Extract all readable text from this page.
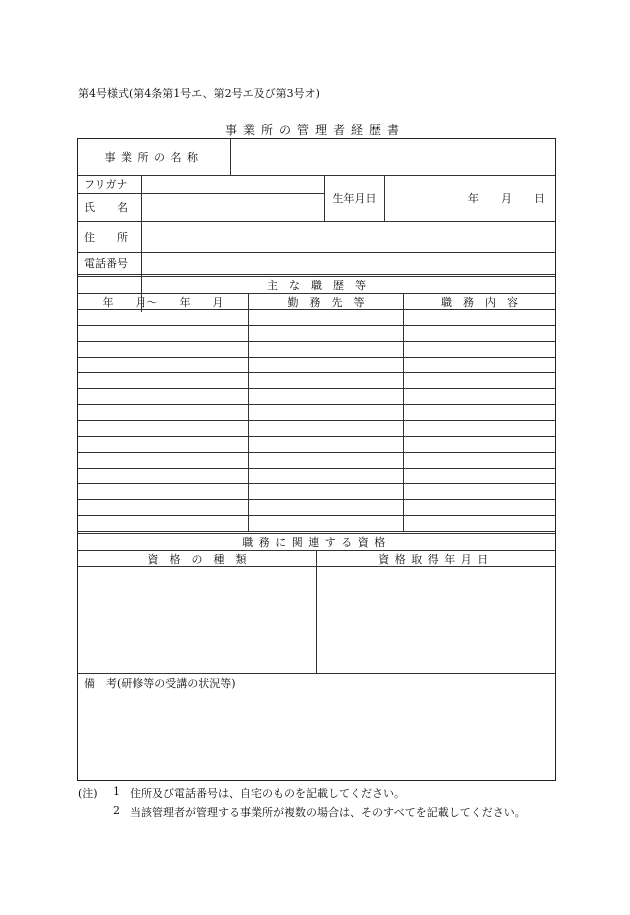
第4号様式(第4条第1号エ、第2号エ及び第3号オ)
事業所の管理者経歴書
事業所の名称
フリガナ
氏　　名
生年月日	年　　月　　日
住　　所
電話番号
主　な　職　歴　等
年　　月〜　　年　　月	勤　務　先　等	職　務　内　容
職務に関連する資格
資　格　の　種　類	資格取得年月日
備　考(研修等の受講の状況等)
(注) 1 住所及び電話番号は、自宅のものを記載してください。
2 当該管理者が管理する事業所が複数の場合は、そのすべてを記載してください。
